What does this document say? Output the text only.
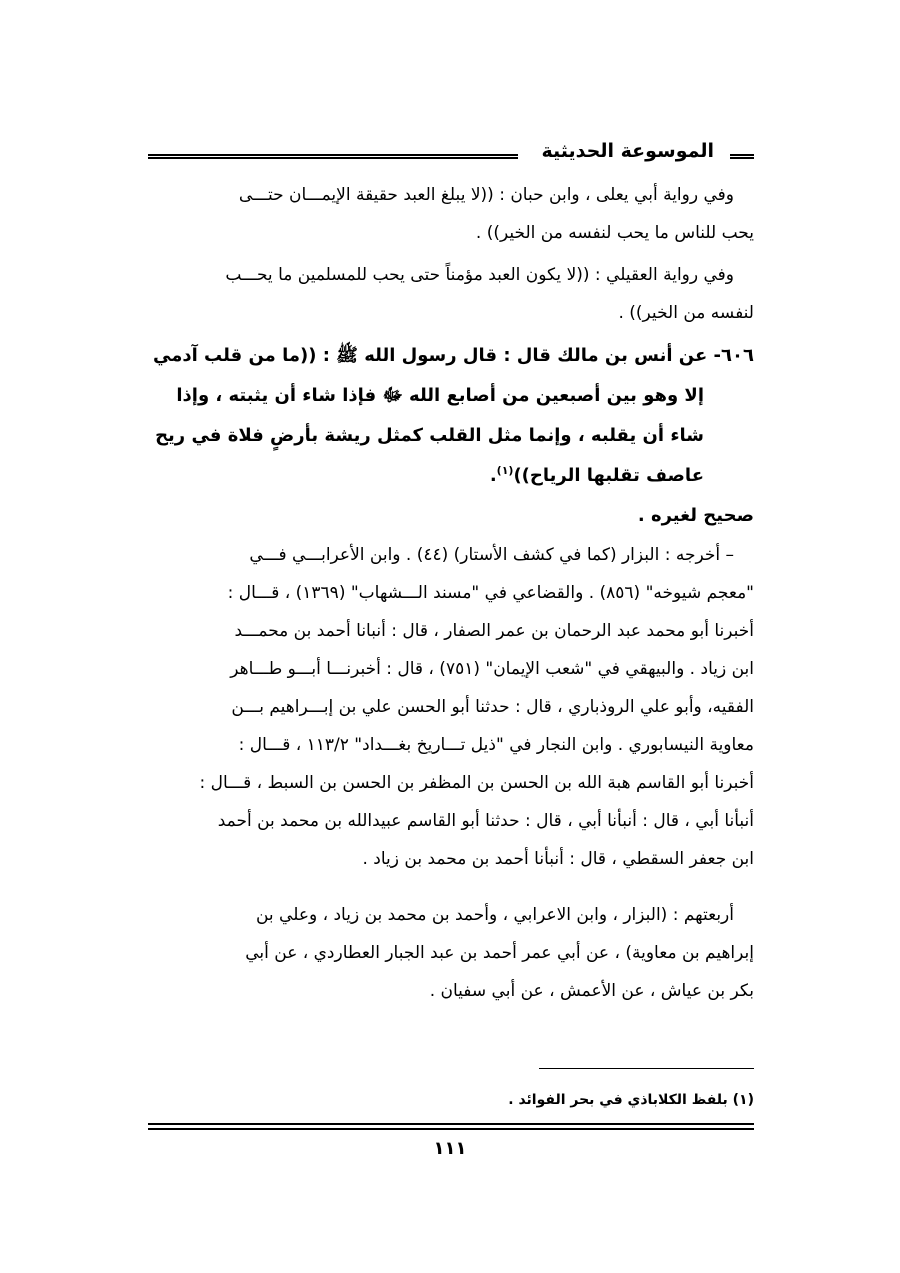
الموسوعة الحديثية
وفي رواية أبي يعلى ، وابن حبان : ((لا يبلغ العبد حقيقة الإيمـــان حتـــى
يحب للناس ما يحب لنفسه من الخير)) .
وفي رواية العقيلي : ((لا يكون العبد مؤمناً حتى يحب للمسلمين ما يحـــب
لنفسه من الخير)) .
٦٠٦- عن أنس بن مالك قال : قال رسول الله ﷺ : ((ما من قلب آدمي
إلا وهو بين أصبعين من أصابع الله ﷻ فإذا شاء أن يثبته ، وإذا
شاء أن يقلبه ، وإنما مثل القلب كمثل ريشة بأرضٍ فلاة في ريح
عاصف تقلبها الرياح))$^{(١)}$.
صحيح لغيره .
– أخرجه : البزار (كما في كشف الأستار) (٤٤) . وابن الأعرابـــي فـــي
"معجم شيوخه" (٨٥٦) . والقضاعي في "مسند الـــشهاب" (١٣٦٩) ، قـــال :
أخبرنا أبو محمد عبد الرحمان بن عمر الصفار ، قال : أنبانا أحمد بن محمـــد
ابن زياد . والبيهقي في "شعب الإيمان" (٧٥١) ، قال : أخبرنـــا أبـــو طـــاهر
الفقيه، وأبو علي الروذباري ، قال : حدثنا أبو الحسن علي بن إبـــراهيم بـــن
معاوية النيسابوري . وابن النجار في "ذيل تـــاريخ بغـــداد" ١١٣/٢ ، قـــال :
أخبرنا أبو القاسم هبة الله بن الحسن بن المظفر بن الحسن بن السبط ، قـــال :
أنبأنا أبي ، قال : أنبأنا أبي ، قال : حدثنا أبو القاسم عبيدالله بن محمد بن أحمد
ابن جعفر السقطي ، قال : أنبأنا أحمد بن محمد بن زياد .
أربعتهم : (البزار ، وابن الاعرابي ، وأحمد بن محمد بن زياد ، وعلي بن
إبراهيم بن معاوية) ، عن أبي عمر أحمد بن عبد الجبار العطاردي ، عن أبي
بكر بن عياش ، عن الأعمش ، عن أبي سفيان .
(١) بلفظ الكلاباذي في بحر الفوائد .
١١١
